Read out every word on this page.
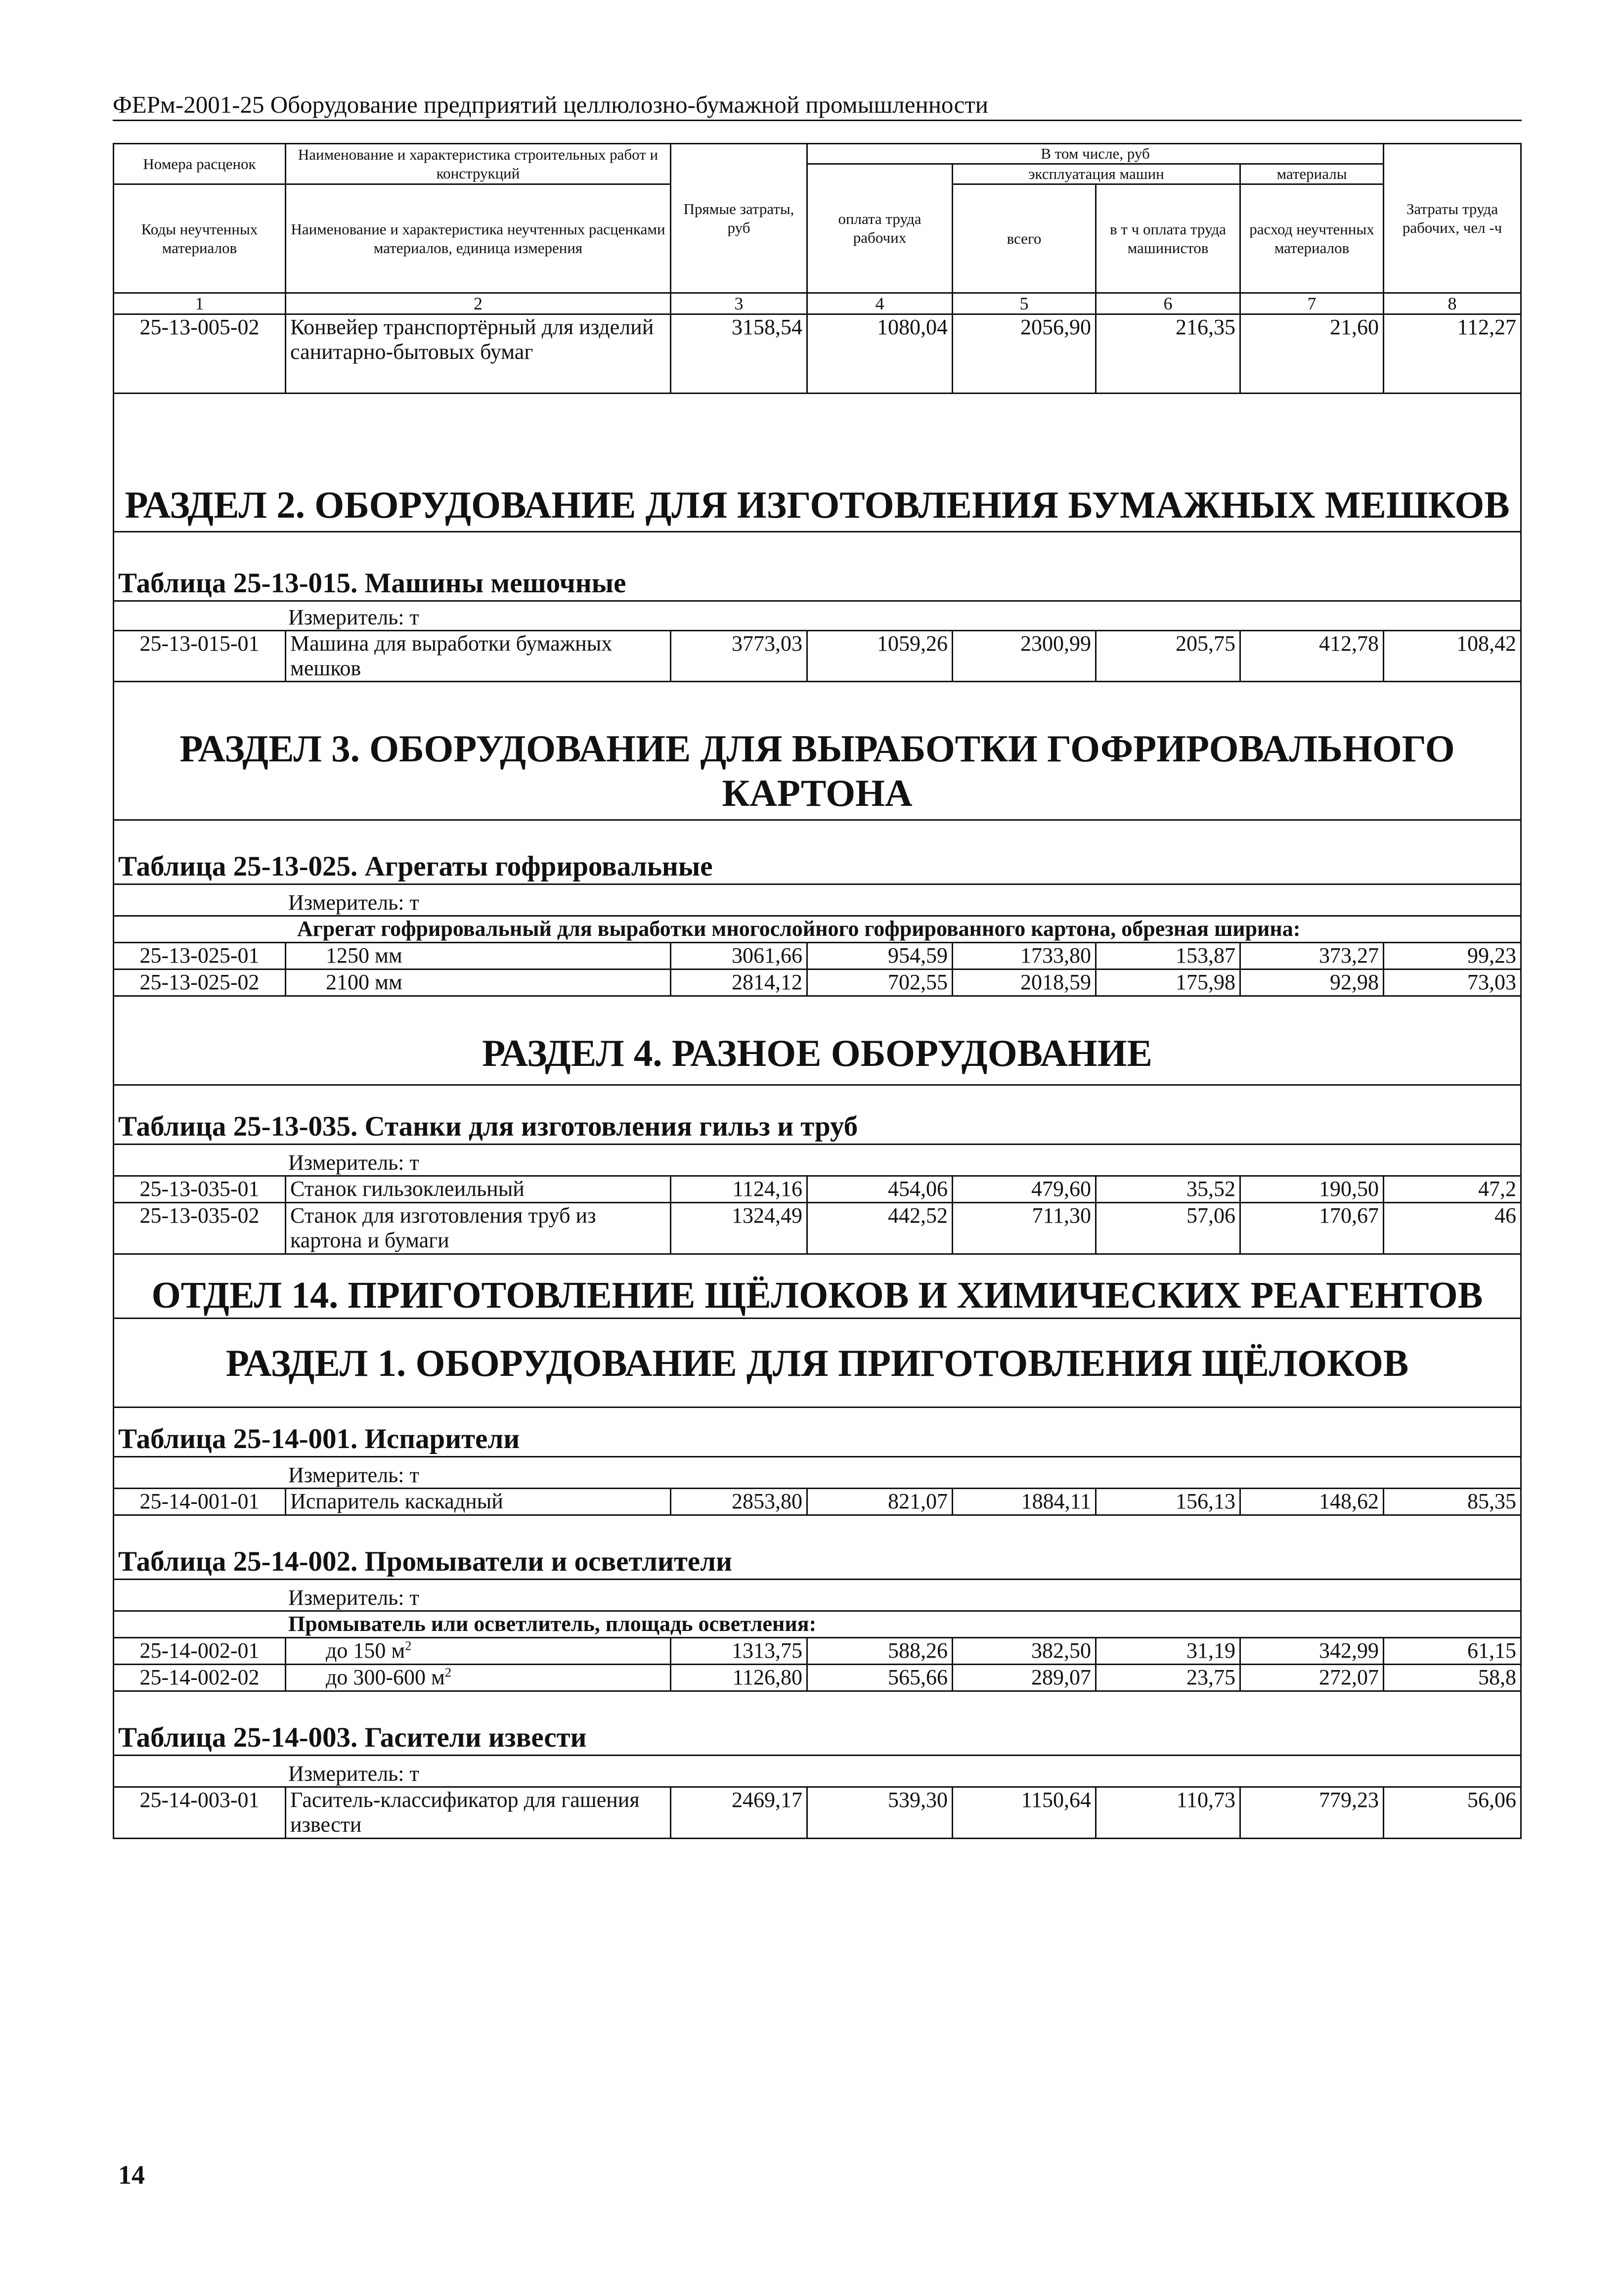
ФЕРм-2001-25 Оборудование предприятий целлюлозно-бумажной промышленности
Номера расценок	Наименование и характеристика строительных работ и конструкций	Прямые затраты, руб	В том числе, руб				Затраты труда рабочих, чел -ч
			оплата труда рабочих	эксплуатация машин		материалы	
Коды неучтенных материалов	Наименование и характеристика неучтенных расценками материалов, единица измерения			всего	в т ч оплата труда машинистов	расход неучтенных материалов	

1	2	3	4	5	6	7	8
25-13-005-02	Конвейер транспортёрный для изделий санитарно-бытовых бумаг	3158,54	1080,04	2056,90	216,35	21,60	112,27
РАЗДЕЛ 2. ОБОРУДОВАНИЕ ДЛЯ ИЗГОТОВЛЕНИЯ БУМАЖНЫХ МЕШКОВ							
Таблица 25-13-015. Машины мешочные							
Измеритель: т							
25-13-015-01	Машина для выработки бумажных мешков	3773,03	1059,26	2300,99	205,75	412,78	108,42
РАЗДЕЛ 3. ОБОРУДОВАНИЕ ДЛЯ ВЫРАБОТКИ ГОФРИРОВАЛЬНОГО КАРТОНА							
Таблица 25-13-025. Агрегаты гофрировальные							
Измеритель: т							
Агрегат гофрировальный для выработки многослойного гофрированного картона, обрезная ширина:							
25-13-025-01	1250 мм	3061,66	954,59	1733,80	153,87	373,27	99,23
25-13-025-02	2100 мм	2814,12	702,55	2018,59	175,98	92,98	73,03
РАЗДЕЛ 4. РАЗНОЕ ОБОРУДОВАНИЕ							
Таблица 25-13-035. Станки для изготовления гильз и труб							
Измеритель: т							
25-13-035-01	Станок гильзоклеильный	1124,16	454,06	479,60	35,52	190,50	47,2
25-13-035-02	Станок для изготовления труб из картона и бумаги	1324,49	442,52	711,30	57,06	170,67	46
ОТДЕЛ 14. ПРИГОТОВЛЕНИЕ ЩЁЛОКОВ И ХИМИЧЕСКИХ РЕАГЕНТОВ							
РАЗДЕЛ 1. ОБОРУДОВАНИЕ ДЛЯ ПРИГОТОВЛЕНИЯ ЩЁЛОКОВ							
Таблица 25-14-001. Испарители							
Измеритель: т							
25-14-001-01	Испаритель каскадный	2853,80	821,07	1884,11	156,13	148,62	85,35
Таблица 25-14-002. Промыватели и осветлители							
Измеритель: т							
Промыватель или осветлитель, площадь осветления:							
25-14-002-01	до 150 $м^2$	1313,75	588,26	382,50	31,19	342,99	61,15
25-14-002-02	до 300-600 $м^2$	1126,80	565,66	289,07	23,75	272,07	58,8
Таблица 25-14-003. Гасители извести							
Измеритель: т							
25-14-003-01	Гаситель-классификатор для гашения извести	2469,17	539,30	1150,64	110,73	779,23	56,06
14
